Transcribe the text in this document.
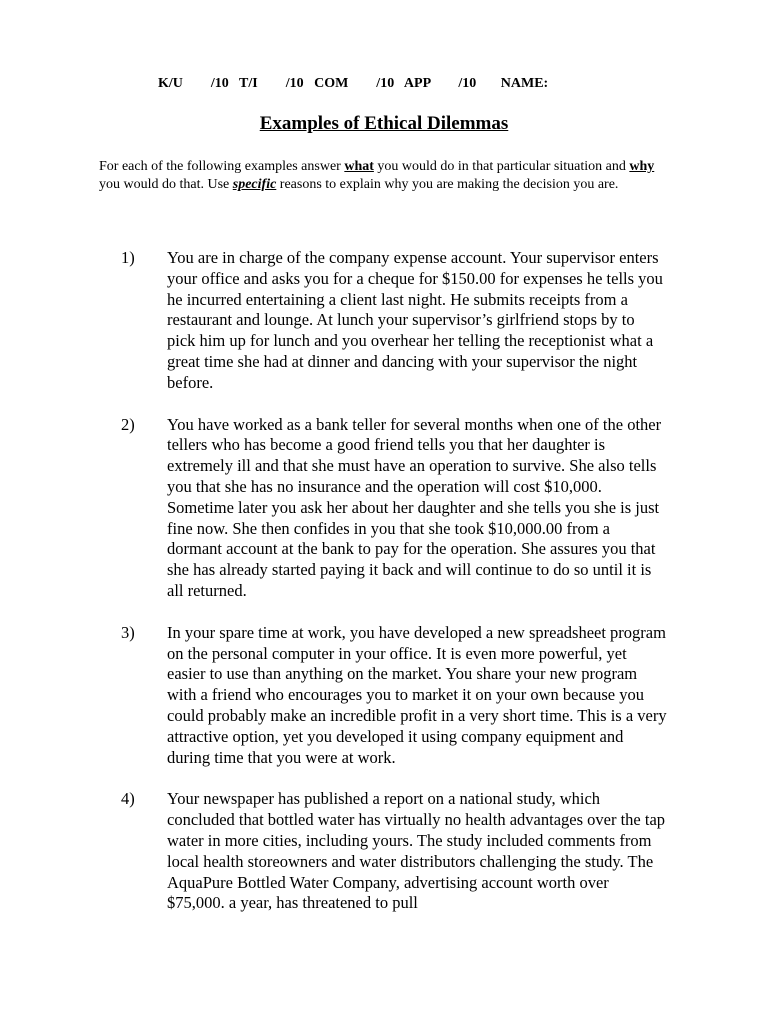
K/U        /10   T/I        /10   COM        /10   APP        /10       NAME:
Examples of Ethical Dilemmas

For each of the following examples answer what you would do in that particular situation and why you would do that. Use specific reasons to explain why you are making the decision you are.

1) You are in charge of the company expense account. Your supervisor enters your office and asks you for a cheque for $150.00 for expenses he tells you he incurred entertaining a client last night. He submits receipts from a restaurant and lounge. At lunch your supervisor’s girlfriend stops by to pick him up for lunch and you overhear her telling the receptionist what a great time she had at dinner and dancing with your supervisor the night before.
2) You have worked as a bank teller for several months when one of the other tellers who has become a good friend tells you that her daughter is extremely ill and that she must have an operation to survive. She also tells you that she has no insurance and the operation will cost $10,000. Sometime later you ask her about her daughter and she tells you she is just fine now. She then confides in you that she took $10,000.00 from a dormant account at the bank to pay for the operation. She assures you that she has already started paying it back and will continue to do so until it is all returned.
3) In your spare time at work, you have developed a new spreadsheet program on the personal computer in your office. It is even more powerful, yet easier to use than anything on the market. You share your new program with a friend who encourages you to market it on your own because you could probably make an incredible profit in a very short time. This is a very attractive option, yet you developed it using company equipment and during time that you were at work.
4) Your newspaper has published a report on a national study, which concluded that bottled water has virtually no health advantages over the tap water in more cities, including yours. The study included comments from local health storeowners and water distributors challenging the study. The AquaPure Bottled Water Company, advertising account worth over $75,000. a year, has threatened to pull
